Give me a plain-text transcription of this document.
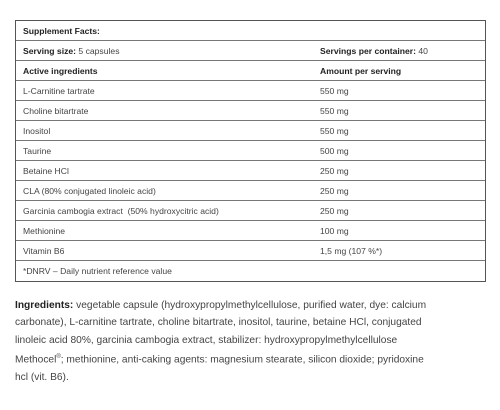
Supplement Facts:
Serving size: 5 capsules	Servings per container: 40
Active ingredients	Amount per serving
L-Carnitine tartrate	550 mg
Choline bitartrate	550 mg
Inositol	550 mg
Taurine	500 mg
Betaine HCl	250 mg
CLA (80% conjugated linoleic acid)	250 mg
Garcinia cambogia extract  (50% hydroxycitric acid)	250 mg
Methionine	100 mg
Vitamin B6	1,5 mg (107 %*)
*DNRV – Daily nutrient reference value
Ingredients: vegetable capsule (hydroxypropylmethylcellulose, purified water, dye: calcium
carbonate), L-carnitine tartrate, choline bitartrate, inositol, taurine, betaine HCl, conjugated
linoleic acid 80%, garcinia cambogia extract, stabilizer: hydroxypropylmethylcellulose
Methocel®; methionine, anti-caking agents: magnesium stearate, silicon dioxide; pyridoxine
hcl (vit. B6).
